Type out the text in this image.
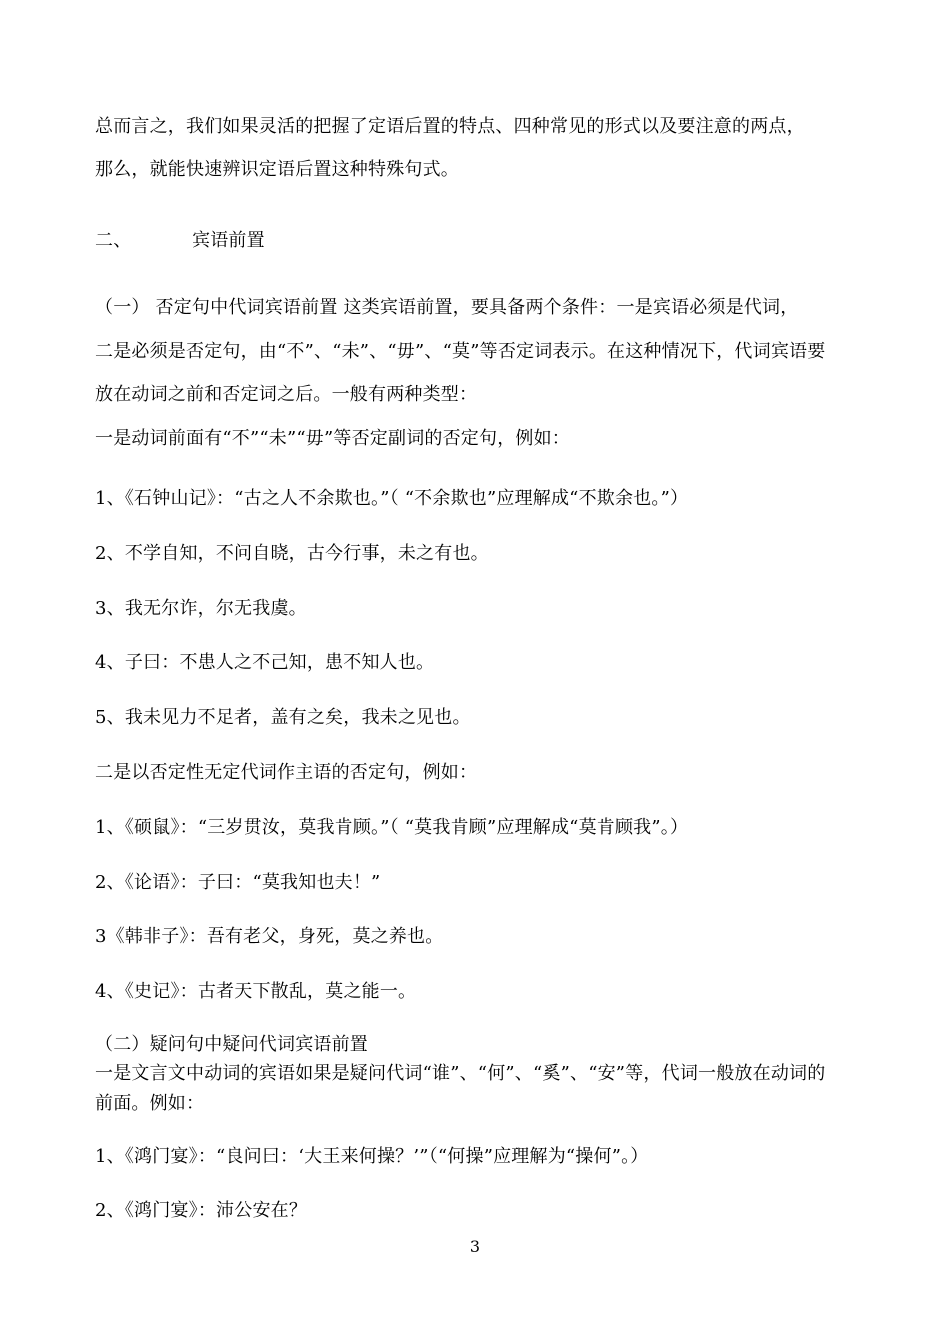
总而言之，我们如果灵活的把握了定语后置的特点、四种常见的形式以及要注意的两点，
那么，就能快速辨识定语后置这种特殊句式。
二、	宾语前置
（一） 否定句中代词宾语前置 这类宾语前置，要具备两个条件：一是宾语必须是代词，
二是必须是否定句，由“不”、“未”、“毋”、“莫”等否定词表示。在这种情况下，代词宾语要
放在动词之前和否定词之后。一般有两种类型：
一是动词前面有“不”“未”“毋”等否定副词的否定句，例如：
1、《石钟山记》：“古之人不余欺也。”（ “不余欺也”应理解成“不欺余也。”）
2、不学自知，不问自晓，古今行事，未之有也。
3、我无尔诈，尔无我虞。
4、子曰：不患人之不己知，患不知人也。
5、我未见力不足者，盖有之矣，我未之见也。
二是以否定性无定代词作主语的否定句，例如：
1、《硕鼠》：“三岁贯汝，莫我肯顾。”（ “莫我肯顾”应理解成“莫肯顾我”。）
2、《论语》：子曰：“莫我知也夫！”
3《韩非子》：吾有老父，身死，莫之养也。
4、《史记》：古者天下散乱，莫之能一。
（二）疑问句中疑问代词宾语前置
一是文言文中动词的宾语如果是疑问代词“谁”、“何”、“奚”、“安”等，代词一般放在动词的
前面。例如：
1、《鸿门宴》：“良问曰：‘大王来何操？’”（“何操”应理解为“操何”。）
2、《鸿门宴》：沛公安在？
3
